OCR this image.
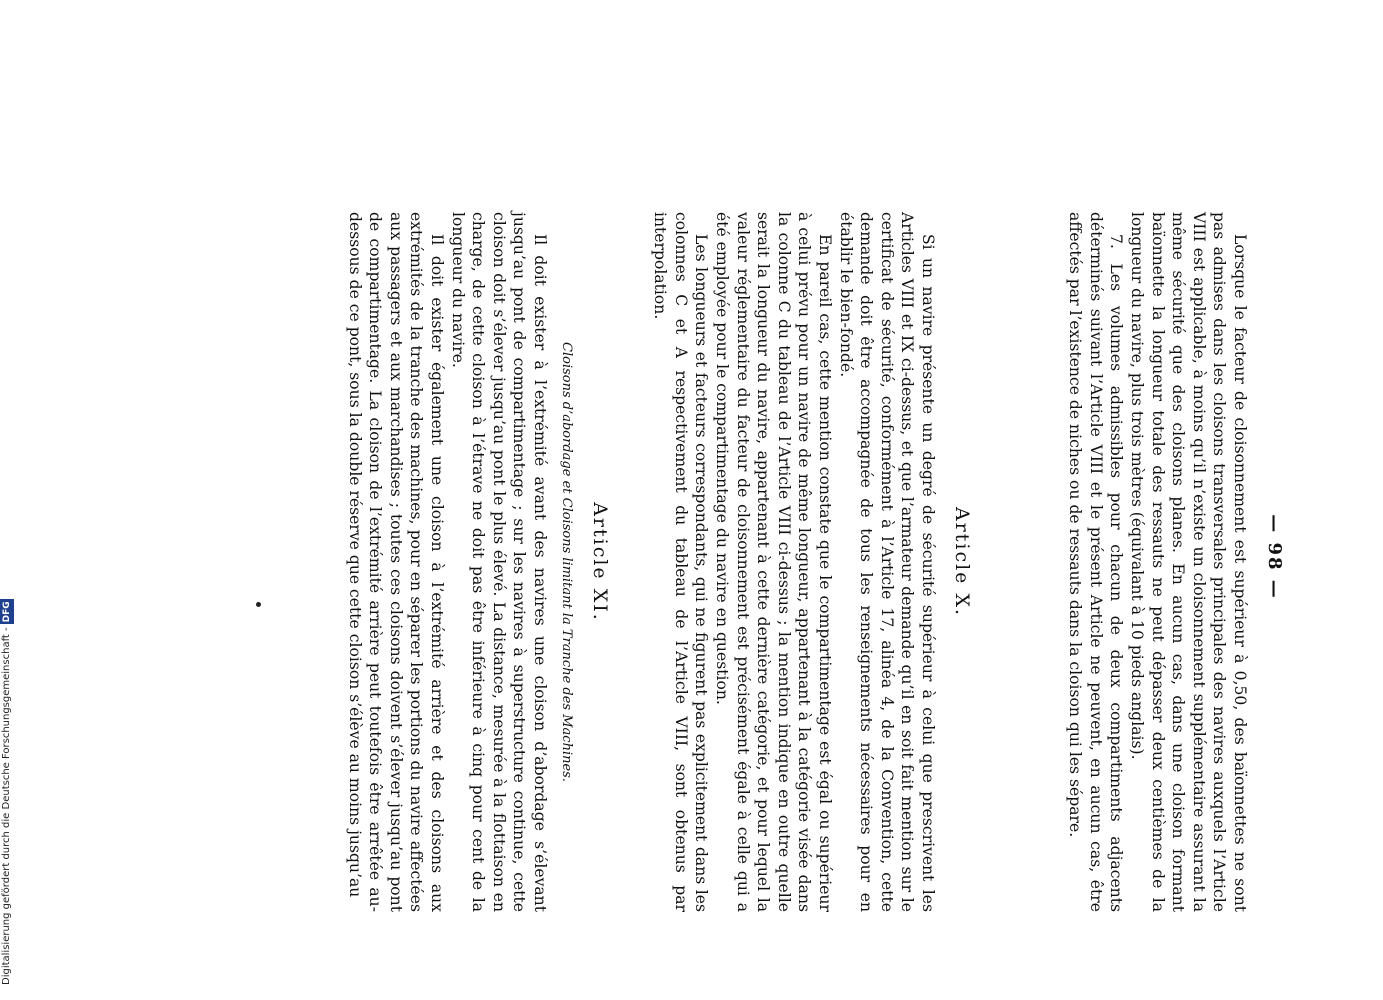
— 98 —

Lorsque le facteur de cloisonnement est supérieur à 0,50, des baïonnettes ne sont pas admises dans les cloisons transversales principales des navires auxquels l’Article VIII est applicable, à moins qu’il n’existe un cloisonnement supplémentaire assurant la même sécurité que des cloisons planes. En aucun cas, dans une cloison formant baïonnette la longueur totale des ressauts ne peut dépasser deux centièmes de la longueur du navire, plus trois mètres (équivalant à 10 pieds anglais).

7. Les volumes admissibles pour chacun de deux compartiments adjacents déterminés suivant l’Article VIII et le présent Article ne peuvent, en aucun cas, être affectés par l’existence de niches ou de ressauts dans la cloison qui les sépare.

Article X.

Si un navire présente un degré de sécurité supérieur à celui que prescrivent les Articles VIII et IX ci-dessus, et que l’armateur demande qu’il en soit fait mention sur le certificat de sécurité, conformément à l’Article 17, alinéa 4, de la Convention, cette demande doit être accompagnée de tous les renseignements nécessaires pour en établir le bien-fondé.

En pareil cas, cette mention constate que le compartimentage est égal ou supérieur à celui prévu pour un navire de même longueur, appartenant à la catégorie visée dans la colonne C du tableau de l’Article VIII ci-dessus ; la mention indique en outre quelle serait la longueur du navire, appartenant à cette dernière catégorie, et pour lequel la valeur réglementaire du facteur de cloisonnement est précisément égale à celle qui a été employée pour le compartimentage du navire en question.

Les longueurs et facteurs correspondants, qui ne figurent pas explicitement dans les colonnes C et A respectivement du tableau de l’Article VIII, sont obtenus par interpolation.

Article XI.
Cloisons d’abordage et Cloisons limitant la Tranche des Machines.

Il doit exister à l’extrémité avant des navires une cloison d’abordage s’élevant jusqu’au pont de compartimentage ; sur les navires à superstructure continue, cette cloison doit s’élever jusqu’au pont le plus élevé. La distance, mesurée à la flottaison en charge, de cette cloison à l’étrave ne doit pas être inférieure à cinq pour cent de la longueur du navire.

Il doit exister également une cloison à l’extrémité arrière et des cloisons aux extrémités de la tranche des machines, pour en séparer les portions du navire affectées aux passagers et aux marchandises ; toutes ces cloisons doivent s’élever jusqu’au pont de compartimentage. La cloison de l’extrémité arrière peut toutefois être arrêtée au-dessous de ce pont, sous la double réserve que cette cloison s’élève au moins jusqu’au

Digitalisierung gefördert durch die Deutsche Forschungsgemeinschaft -DFG
